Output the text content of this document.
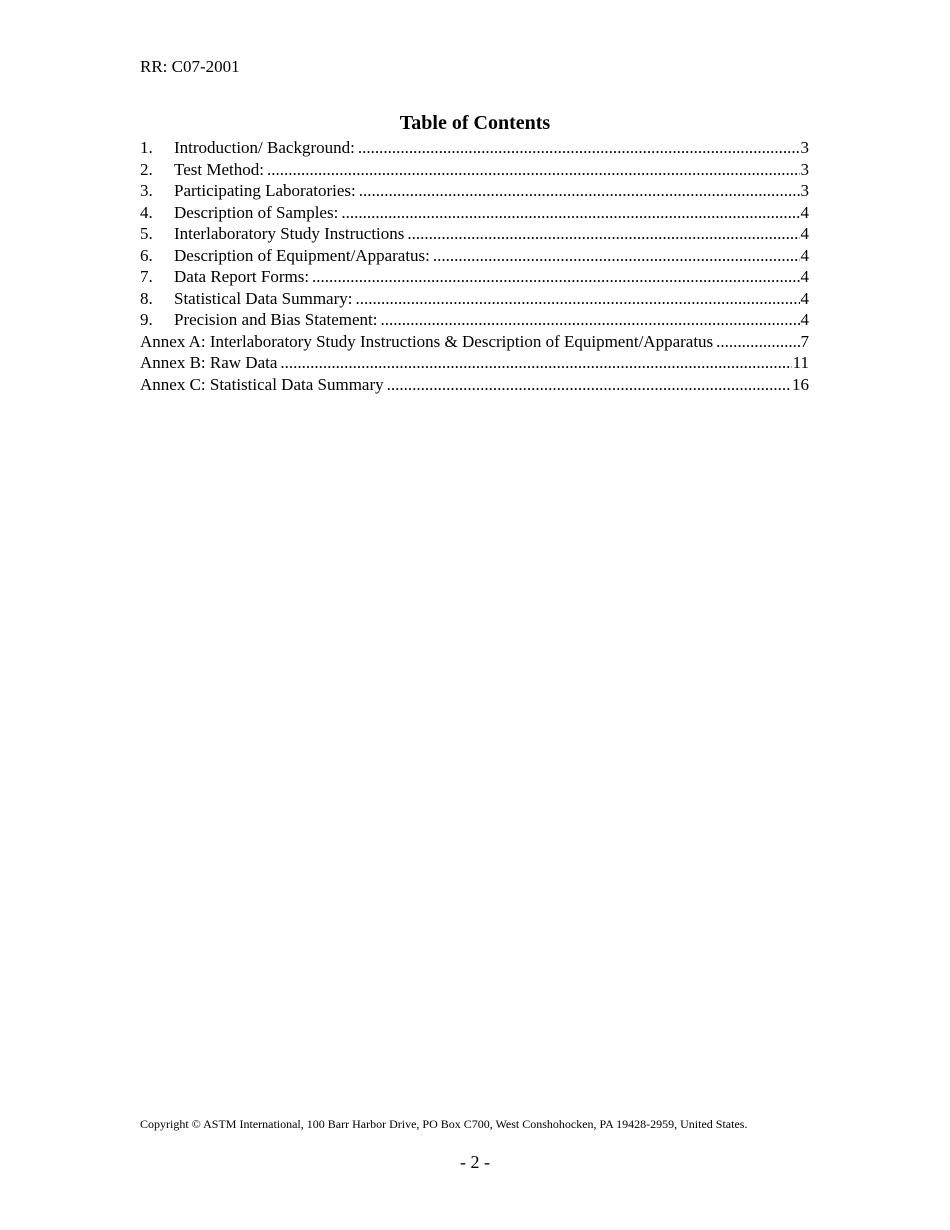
RR: C07-2001
Table of Contents
1.	Introduction/ Background: .....	3
2.	Test Method: .....	3
3.	Participating Laboratories: .....	3
4.	Description of Samples: .....	4
5.	Interlaboratory Study Instructions .....	4
6.	Description of Equipment/Apparatus: .....	4
7.	Data Report Forms: .....	4
8.	Statistical Data Summary: .....	4
9.	Precision and Bias Statement: .....	4
Annex A: Interlaboratory Study Instructions & Description of Equipment/Apparatus .....	7
Annex B: Raw Data .....	11
Annex C: Statistical Data Summary .....	16
Copyright © ASTM International, 100 Barr Harbor Drive, PO Box C700, West Conshohocken, PA 19428-2959, United States.
- 2 -
